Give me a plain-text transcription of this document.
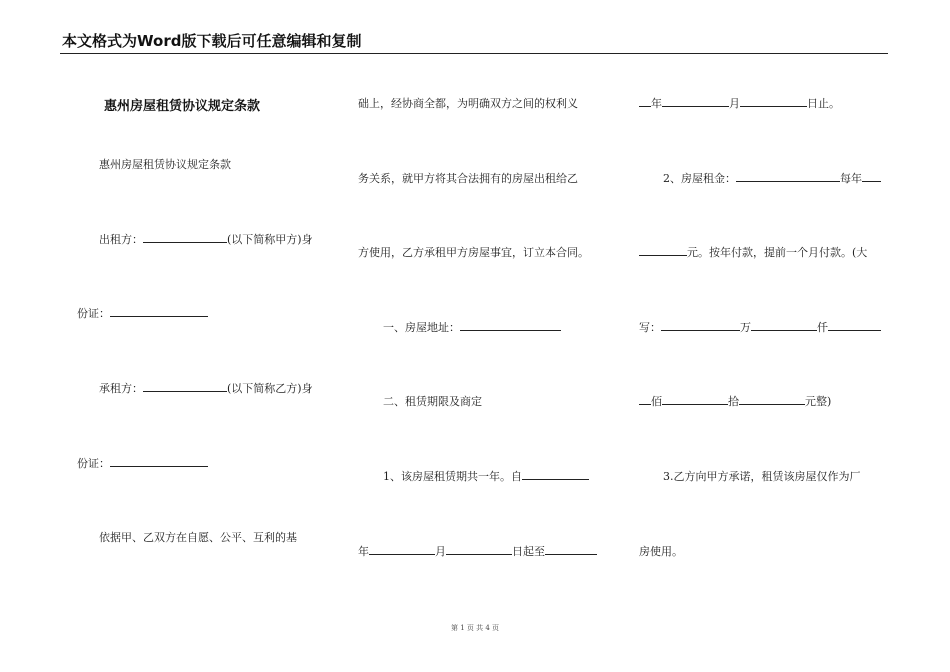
本文格式为Word版下载后可任意编辑和复制
惠州房屋租赁协议规定条款
惠州房屋租赁协议规定条款
出租方：	(以下简称甲方)身
份证：
承租方：	(以下简称乙方)身
份证：
依据甲、乙双方在自愿、公平、互利的基
础上，经协商全都，为明确双方之间的权利义
务关系，就甲方将其合法拥有的房屋出租给乙
方使用，乙方承租甲方房屋事宜，订立本合同。
一、房屋地址：
二、租赁期限及商定
1、该房屋租赁期共一年。自
年	月	日起至
年	月	日止。
2、房屋租金：	每年
元。按年付款，提前一个月付款。(大
写：	万	仟
佰	拾	元整)
3.乙方向甲方承诺，租赁该房屋仅作为厂
房使用。
第 1 页 共 4 页
